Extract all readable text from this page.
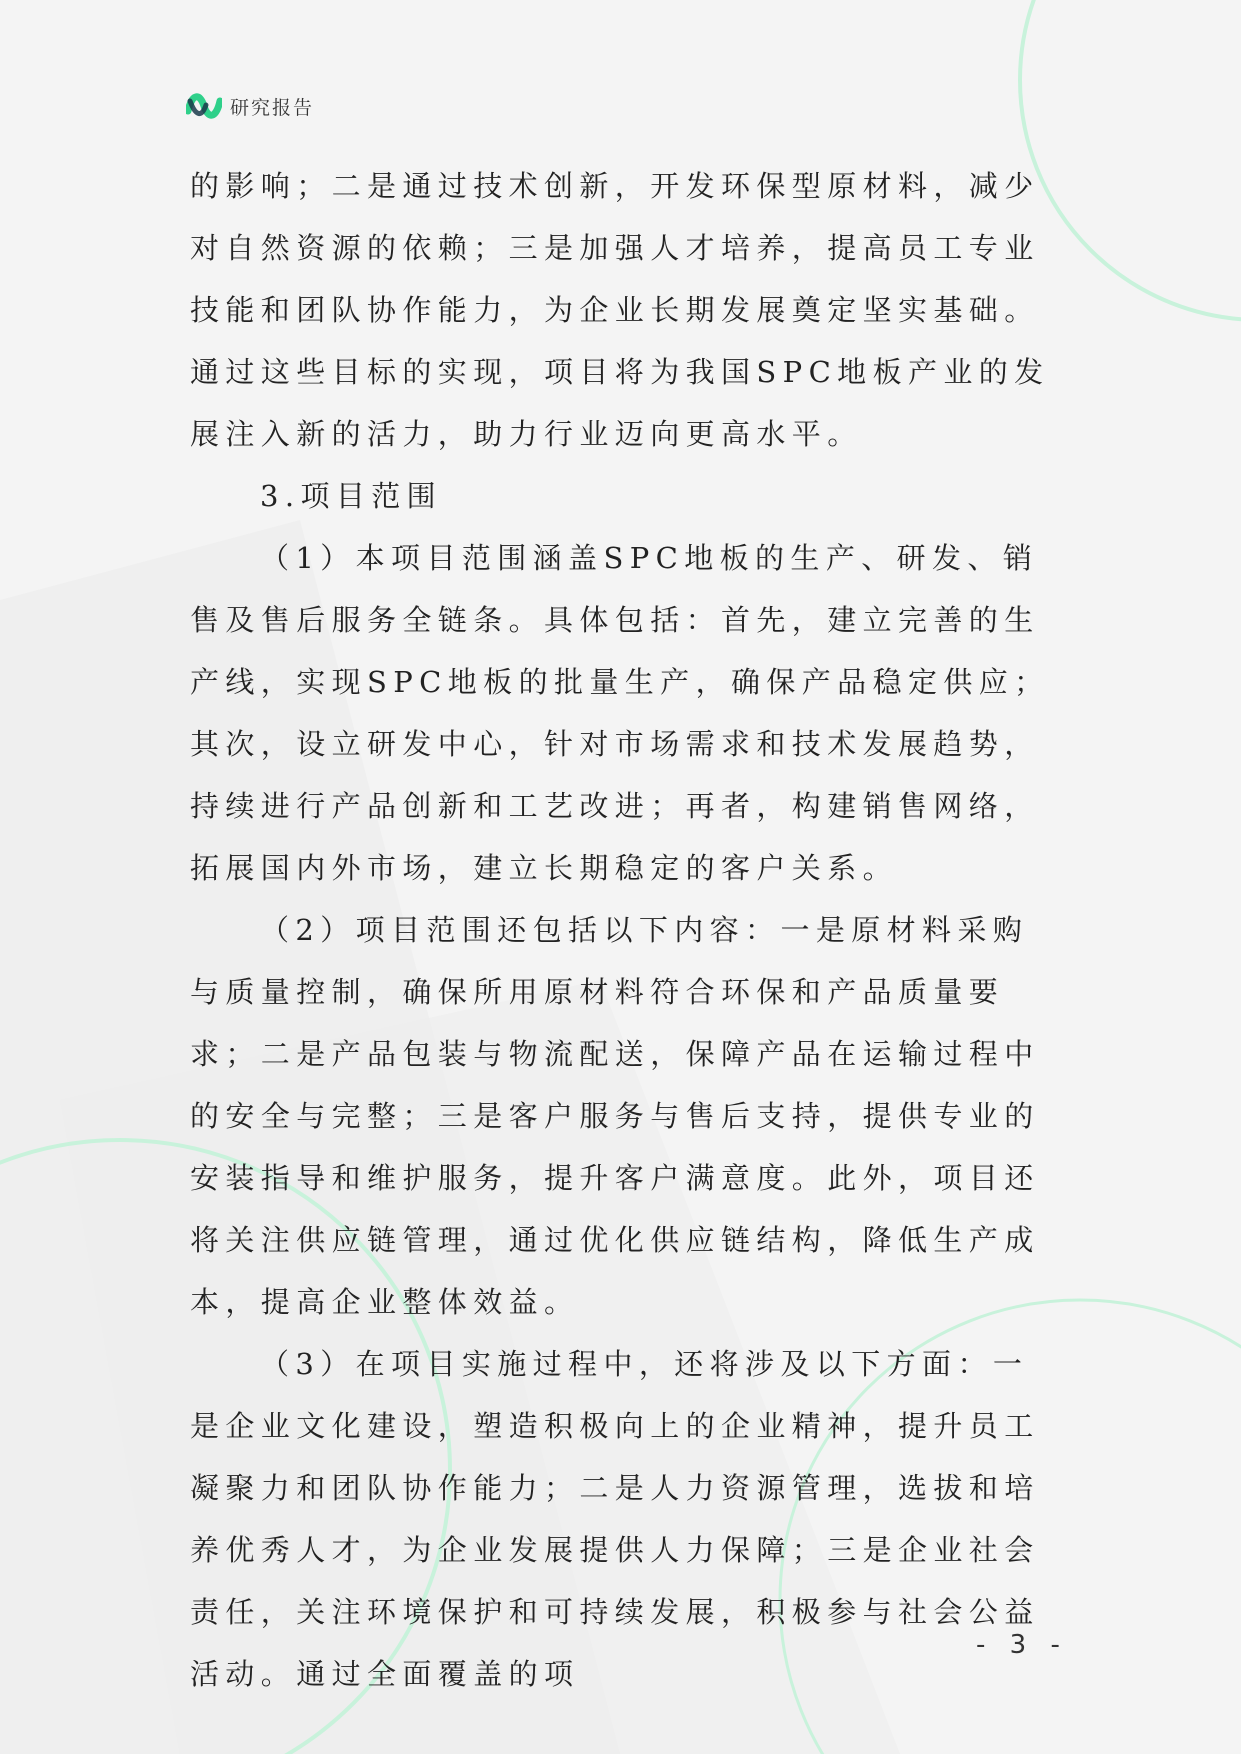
研究报告

的影响；二是通过技术创新，开发环保型原材料，减少对自然资源的依赖；三是加强人才培养，提高员工专业技能和团队协作能力，为企业长期发展奠定坚实基础。通过这些目标的实现，项目将为我国SPC地板产业的发展注入新的活力，助力行业迈向更高水平。

3.项目范围

（1）本项目范围涵盖SPC地板的生产、研发、销售及售后服务全链条。具体包括：首先，建立完善的生产线，实现SPC地板的批量生产，确保产品稳定供应；其次，设立研发中心，针对市场需求和技术发展趋势，持续进行产品创新和工艺改进；再者，构建销售网络，拓展国内外市场，建立长期稳定的客户关系。

（2）项目范围还包括以下内容：一是原材料采购与质量控制，确保所用原材料符合环保和产品质量要求；二是产品包装与物流配送，保障产品在运输过程中的安全与完整；三是客户服务与售后支持，提供专业的安装指导和维护服务，提升客户满意度。此外，项目还将关注供应链管理，通过优化供应链结构，降低生产成本，提高企业整体效益。

（3）在项目实施过程中，还将涉及以下方面：一是企业文化建设，塑造积极向上的企业精神，提升员工凝聚力和团队协作能力；二是人力资源管理，选拔和培养优秀人才，为企业发展提供人力保障；三是企业社会责任，关注环境保护和可持续发展，积极参与社会公益活动。通过全面覆盖的项

- 3 -
